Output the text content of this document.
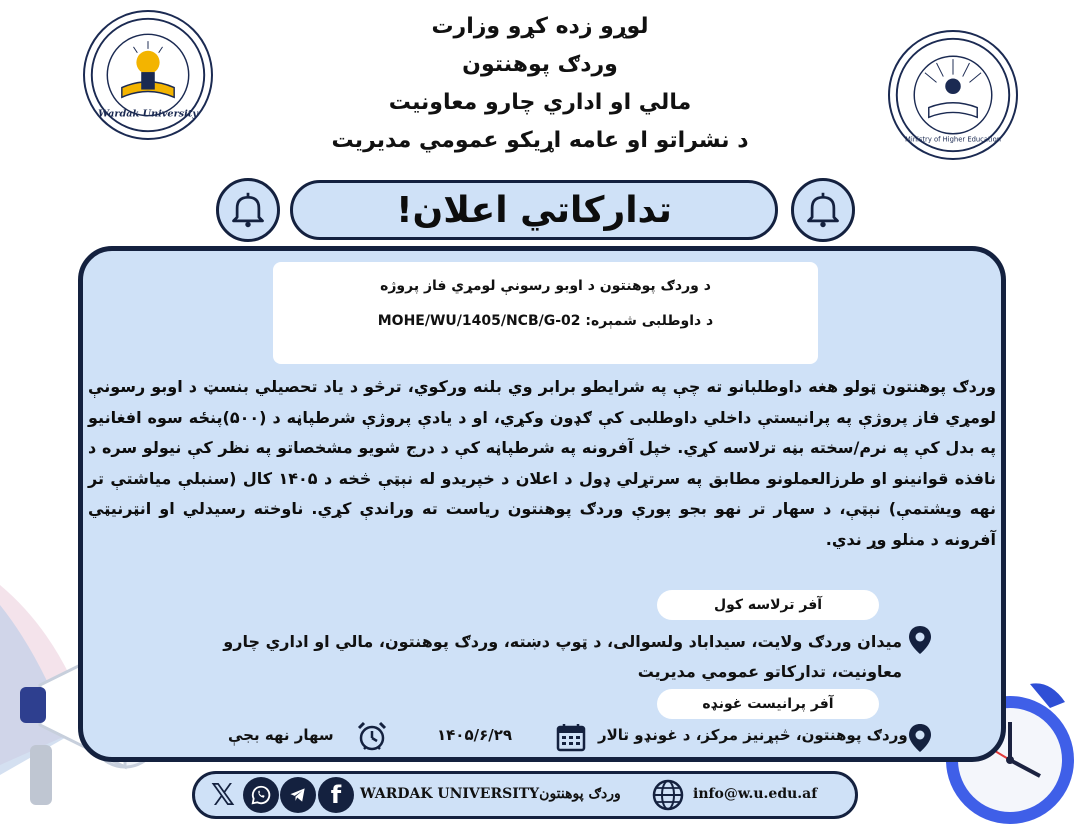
لوړو زده کړو وزارت
وردګ پوهنتون
مالي او اداري چارو معاونيت
د نشراتو او عامه اړيکو عمومي مديريت
Wardak University
Ministry of Higher Education
تدارکاتي اعلان!
د وردګ پوهنتون د اوبو رسونې لومړي فاز پروژه
د داوطلبی شمېره: MOHE/WU/1405/NCB/G-02

وردګ پوهنتون ټولو هغه داوطلبانو ته چې په شرايطو برابر وي بلنه ورکوي، ترڅو د ياد تحصيلي بنسټ د اوبو رسونې لومړي فاز پروژې په پرانيستې داخلي داوطلبی کې ګډون وکړي، او د يادې پروژې شرطپاڼه د (۵۰۰)پنځه سوه افغانيو په بدل کې په نرم/سخته بڼه ترلاسه کړي. خپل آفرونه په شرطپاڼه کې د درج شويو مشخصاتو په نظر کې نيولو سره د نافذه قوانينو او طرزالعملونو مطابق په سرتړلي ډول د اعلان د خپريدو له نېټې څخه د ۱۴۰۵ کال (سنبلې مياشتې تر نهه ويشتمې) نېټې، د سهار تر نهو بجو پورې وردګ پوهنتون رياست ته وراندې کړي. ناوخته رسيدلي او انټرنيټي آفرونه د منلو وړ ندي.

آفر ترلاسه کول
ميدان وردګ ولايت، سيداباد ولسوالی، د ټوپ دښته، وردګ پوهنتون، مالي او اداري چارو معاونيت، تدارکاتو عمومي مديريت
آفر پرانيست غونډه
وردګ پوهنتون، څېړنيز مرکز، د غونډو تالار
۱۴۰۵/۶/۲۹
سهار نهه بجې
𝕏	f	WARDAK UNIVERSITYوردګ پوهنتون	info@w.u.edu.af
